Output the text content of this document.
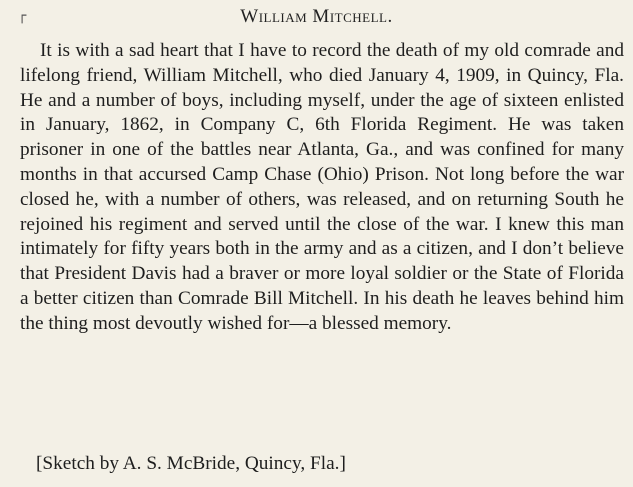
┌	William Mitchell.

It is with a sad heart that I have to record the death of my old comrade and lifelong friend, William Mitchell, who died January 4, 1909, in Quincy, Fla. He and a number of boys, including myself, under the age of sixteen enlisted in January, 1862, in Company C, 6th Florida Regiment. He was taken prisoner in one of the battles near Atlanta, Ga., and was confined for many months in that accursed Camp Chase (Ohio) Prison. Not long before the war closed he, with a number of others, was released, and on returning South he rejoined his regiment and served until the close of the war. I knew this man intimately for fifty years both in the army and as a citizen, and I don’t believe that President Davis had a braver or more loyal soldier or the State of Florida a better citizen than Comrade Bill Mitchell. In his death he leaves behind him the thing most devoutly wished for—a blessed memory.

[Sketch by A. S. McBride, Quincy, Fla.]
